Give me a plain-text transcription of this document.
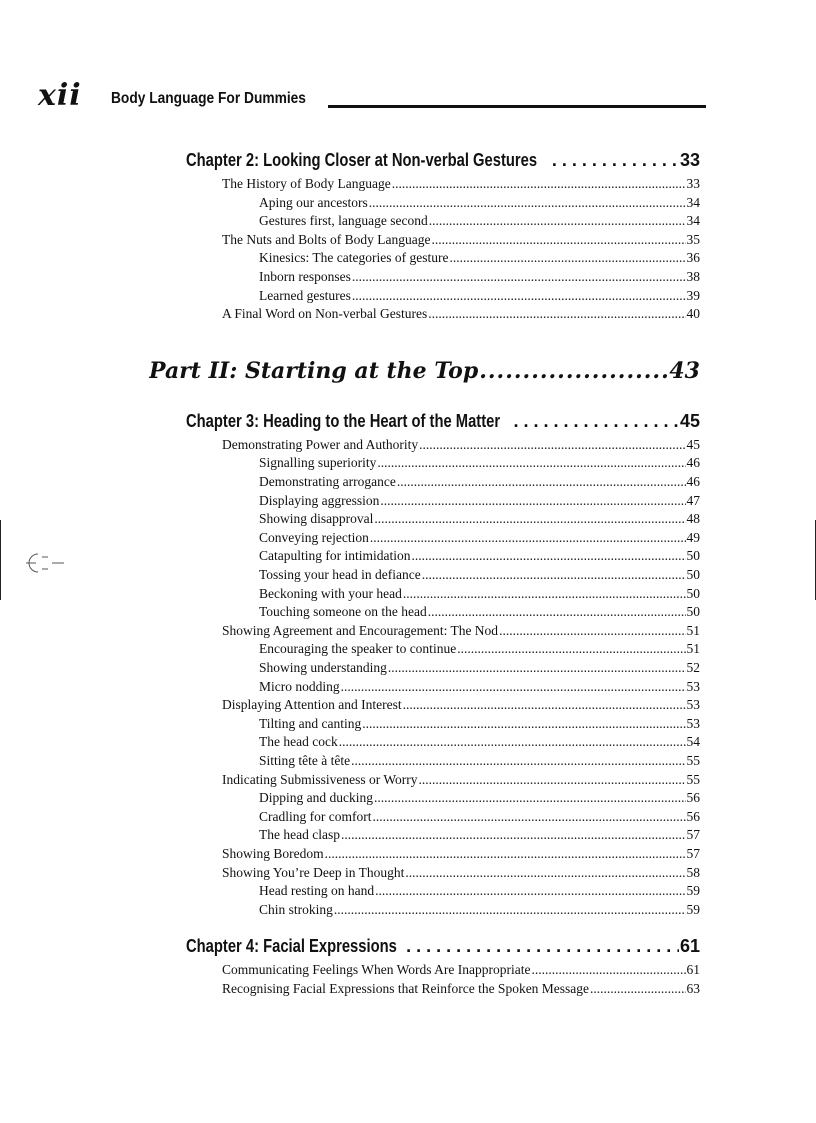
xii Body Language For Dummies
Chapter 2: Looking Closer at Non-verbal Gestures .....	33
The History of Body Language .....	33
Aping our ancestors .....	34
Gestures first, language second .....	34
The Nuts and Bolts of Body Language .....	35
Kinesics: The categories of gesture .....	36
Inborn responses .....	38
Learned gestures .....	39
A Final Word on Non-verbal Gestures .....	40
Part II: Starting at the Top .....	43
Chapter 3: Heading to the Heart of the Matter .....	45
Demonstrating Power and Authority .....	45
Signalling superiority .....	46
Demonstrating arrogance .....	46
Displaying aggression .....	47
Showing disapproval .....	48
Conveying rejection .....	49
Catapulting for intimidation .....	50
Tossing your head in defiance .....	50
Beckoning with your head .....	50
Touching someone on the head .....	50
Showing Agreement and Encouragement: The Nod .....	51
Encouraging the speaker to continue .....	51
Showing understanding .....	52
Micro nodding .....	53
Displaying Attention and Interest .....	53
Tilting and canting .....	53
The head cock .....	54
Sitting tête à tête .....	55
Indicating Submissiveness or Worry .....	55
Dipping and ducking .....	56
Cradling for comfort .....	56
The head clasp .....	57
Showing Boredom .....	57
Showing You’re Deep in Thought .....	58
Head resting on hand .....	59
Chin stroking .....	59
Chapter 4: Facial Expressions .....	61
Communicating Feelings When Words Are Inappropriate .....	61
Recognising Facial Expressions that Reinforce the Spoken Message .....	63
